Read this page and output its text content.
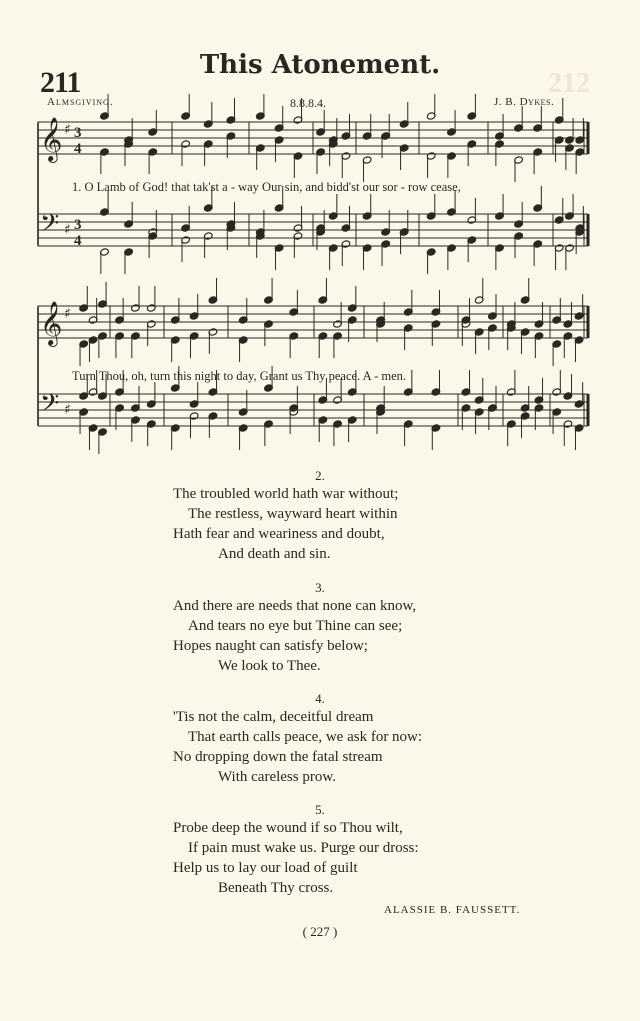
212
211
This Atonement.
Almsgiving.	8.8.8.4.	J. B. Dykes.
𝄞
𝄢
♯
♯
3
4
3
4
𝄞
𝄢
♯
♯
1. O Lamb of God! that tak'st a - way Our sin, and bidd'st our sor - row cease,
Turn Thou, oh, turn this night to day, Grant us Thy peace. A - men.
2.
The troubled world hath war without;
The restless, wayward heart within
Hath fear and weariness and doubt,
And death and sin.
3.
And there are needs that none can know,
And tears no eye but Thine can see;
Hopes naught can satisfy below;
We look to Thee.
4.
'Tis not the calm, deceitful dream
That earth calls peace, we ask for now:
No dropping down the fatal stream
With careless prow.
5.
Probe deep the wound if so Thou wilt,
If pain must wake us. Purge our dross:
Help us to lay our load of guilt
Beneath Thy cross.
ALASSIE B. FAUSSETT.
( 227 )
